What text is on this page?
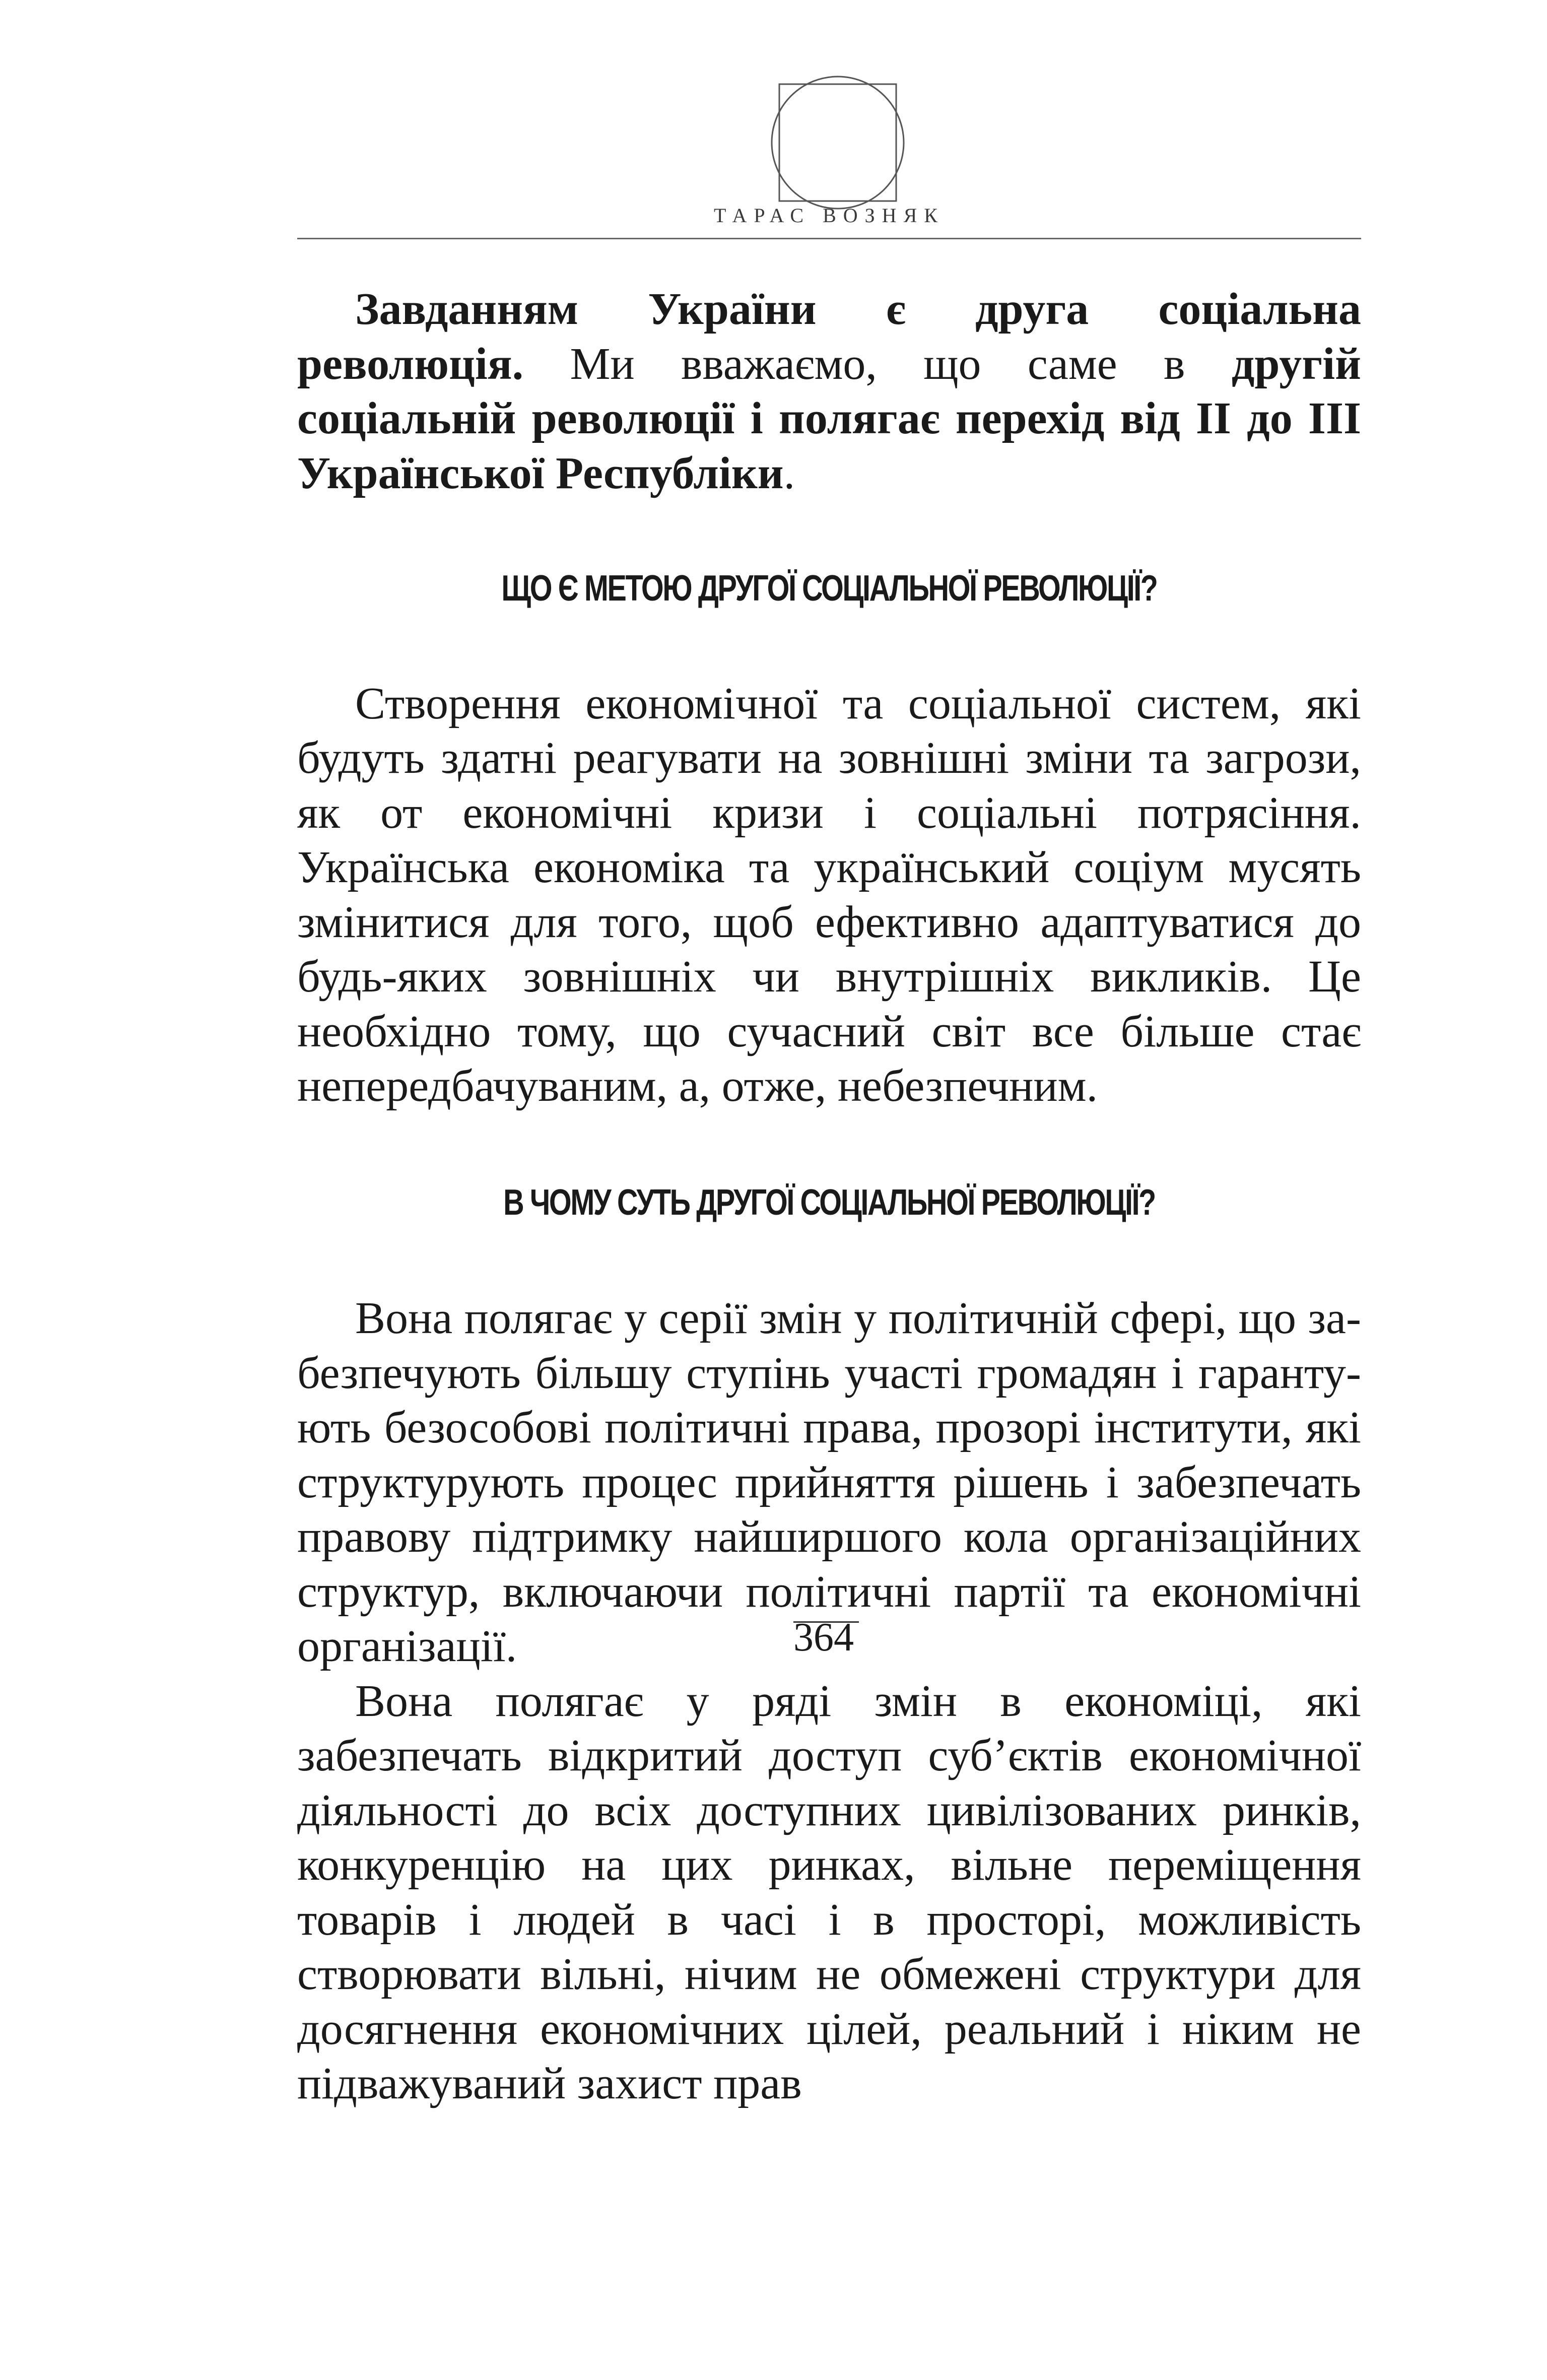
ТАРАС ВОЗНЯК

Завданням України є друга соціальна революція. Ми вважаємо, що саме в другій соціальній революції і полягає перехід від II до III Української Республіки.

ЩО Є МЕТОЮ ДРУГОЇ СОЦІАЛЬНОЇ РЕВОЛЮЦІЇ?

Створення економічної та соціальної систем, які будуть здатні реагувати на зовнішні зміни та загрози, як от економічні кризи і соціальні потрясіння. Українська економіка та український соціум мусять змінитися для того, щоб ефективно адаптуватися до будь-яких зовнішніх чи внутрішніх викликів. Це необхідно тому, що сучасний світ все більше стає непередбачуваним, а, отже, небезпечним.

В ЧОМУ СУТЬ ДРУГОЇ СОЦІАЛЬНОЇ РЕВОЛЮЦІЇ?

Вона полягає у серії змін у політичній сфері, що забезпечують більшу ступінь участі громадян і гарантують безособові політичні права, прозорі інститути, які структурують процес прийняття рішень і забезпечать правову підтримку найширшого кола організаційних структур, включаючи політичні партії та економічні організації.

Вона полягає у ряді змін в економіці, які забезпечать відкритий доступ суб’єктів економічної діяльності до всіх доступних цивілізованих ринків, конкуренцію на цих ринках, вільне переміщення товарів і людей в часі і в просторі, можливість створювати вільні, нічим не обмежені структури для досягнення економічних цілей, реальний і ніким не підважуваний захист прав

364
